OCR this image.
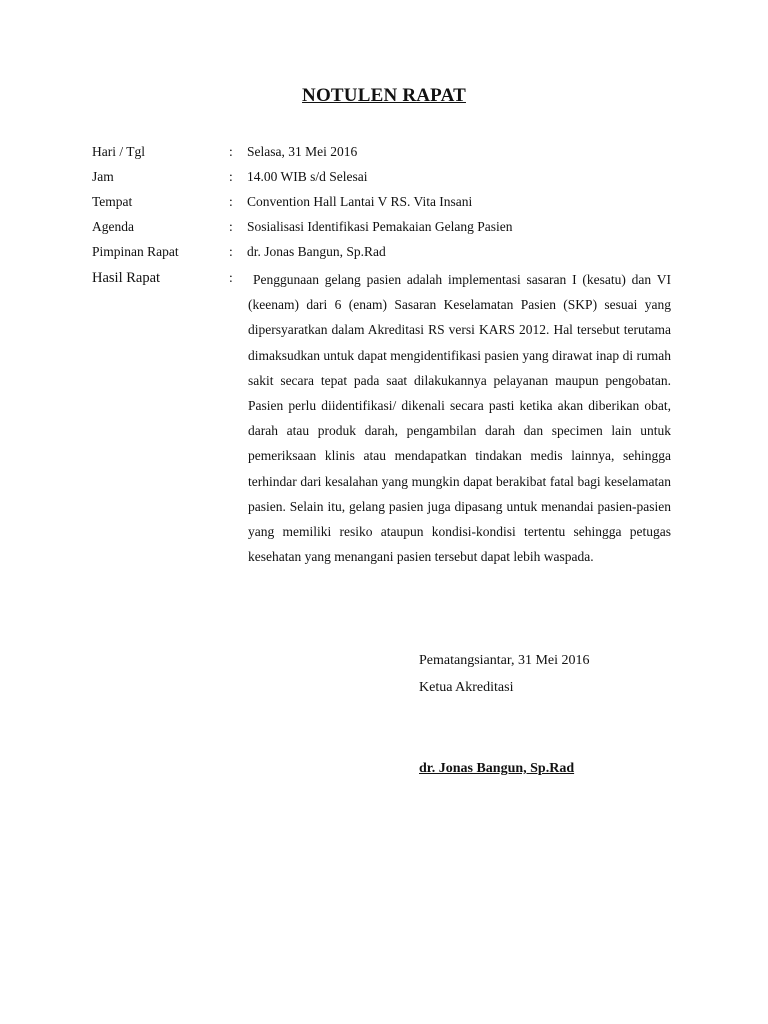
NOTULEN RAPAT
Hari / Tgl	: Selasa, 31 Mei 2016
Jam	: 14.00 WIB s/d Selesai
Tempat	: Convention Hall Lantai V RS. Vita Insani
Agenda	: Sosialisasi Identifikasi Pemakaian Gelang Pasien
Pimpinan Rapat	: dr. Jonas Bangun, Sp.Rad
Hasil Rapat	:	Penggunaan gelang pasien adalah implementasi sasaran I (kesatu) dan VI (keenam) dari 6 (enam) Sasaran Keselamatan Pasien (SKP) sesuai yang dipersyaratkan dalam Akreditasi RS versi KARS 2012. Hal tersebut terutama dimaksudkan untuk dapat mengidentifikasi pasien yang dirawat inap di rumah sakit secara tepat pada saat dilakukannya pelayanan maupun pengobatan. Pasien perlu diidentifikasi/ dikenali secara pasti ketika akan diberikan obat, darah atau produk darah, pengambilan darah dan specimen lain untuk pemeriksaan klinis atau mendapatkan tindakan medis lainnya, sehingga terhindar dari kesalahan yang mungkin dapat berakibat fatal bagi keselamatan pasien. Selain itu, gelang pasien juga dipasang untuk menandai pasien-pasien yang memiliki resiko ataupun kondisi-kondisi tertentu sehingga petugas kesehatan yang menangani pasien tersebut dapat lebih waspada.
Pematangsiantar, 31 Mei 2016
Ketua Akreditasi
dr. Jonas Bangun, Sp.Rad
